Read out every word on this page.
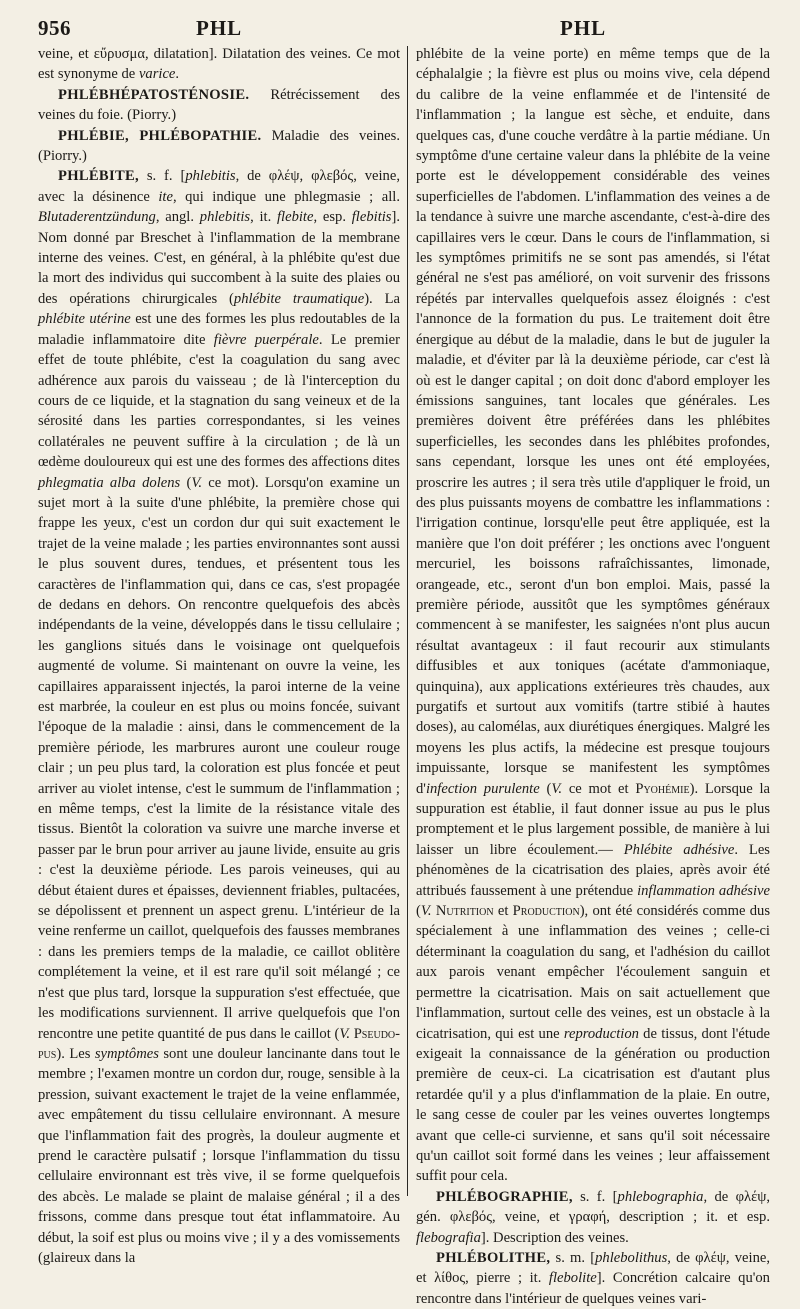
956	PHL	PHL

veine, et εὔρυσμα, dilatation]. Dilatation des veines. Ce mot est synonyme de varice.

PHLÉBHÉPATOSTÉNOSIE. Rétrécissement des veines du foie. (Piorry.)

PHLÉBIE, PHLÉBOPATHIE. Maladie des veines. (Piorry.)

PHLÉBITE, s. f. [phlebitis, de φλέψ, φλεβός, veine, avec la désinence ite, qui indique une phlegmasie ; all. Blutaderentzündung, angl. phlebitis, it. flebite, esp. flebitis]. Nom donné par Breschet à l'inflammation de la membrane interne des veines. C'est, en général, à la phlébite qu'est due la mort des individus qui succombent à la suite des plaies ou des opérations chirurgicales (phlébite traumatique). La phlébite utérine est une des formes les plus redoutables de la maladie inflammatoire dite fièvre puerpérale. Le premier effet de toute phlébite, c'est la coagulation du sang avec adhérence aux parois du vaisseau ; de là l'interception du cours de ce liquide, et la stagnation du sang veineux et de la sérosité dans les parties correspondantes, si les veines collatérales ne peuvent suffire à la circulation ; de là un œdème douloureux qui est une des formes des affections dites phlegmatia alba dolens (V. ce mot). Lorsqu'on examine un sujet mort à la suite d'une phlébite, la première chose qui frappe les yeux, c'est un cordon dur qui suit exactement le trajet de la veine malade ; les parties environnantes sont aussi le plus souvent dures, tendues, et présentent tous les caractères de l'inflammation qui, dans ce cas, s'est propagée de dedans en dehors. On rencontre quelquefois des abcès indépendants de la veine, développés dans le tissu cellulaire ; les ganglions situés dans le voisinage ont quelquefois augmenté de volume. Si maintenant on ouvre la veine, les capillaires apparaissent injectés, la paroi interne de la veine est marbrée, la couleur en est plus ou moins foncée, suivant l'époque de la maladie : ainsi, dans le commencement de la première période, les marbrures auront une couleur rouge clair ; un peu plus tard, la coloration est plus foncée et peut arriver au violet intense, c'est le summum de l'inflammation ; en même temps, c'est la limite de la résistance vitale des tissus. Bientôt la coloration va suivre une marche inverse et passer par le brun pour arriver au jaune livide, ensuite au gris : c'est la deuxième période. Les parois veineuses, qui au début étaient dures et épaisses, deviennent friables, pultacées, se dépolissent et prennent un aspect grenu. L'intérieur de la veine renferme un caillot, quelquefois des fausses membranes : dans les premiers temps de la maladie, ce caillot oblitère complétement la veine, et il est rare qu'il soit mélangé ; ce n'est que plus tard, lorsque la suppuration s'est effectuée, que les modifications surviennent. Il arrive quelquefois que l'on rencontre une petite quantité de pus dans le caillot (V. Pseudo-pus). Les symptômes sont une douleur lancinante dans tout le membre ; l'examen montre un cordon dur, rouge, sensible à la pression, suivant exactement le trajet de la veine enflammée, avec empâtement du tissu cellulaire environnant. A mesure que l'inflammation fait des progrès, la douleur augmente et prend le caractère pulsatif ; lorsque l'inflammation du tissu cellulaire environnant est très vive, il se forme quelquefois des abcès. Le malade se plaint de malaise général ; il a des frissons, comme dans presque tout état inflammatoire. Au début, la soif est plus ou moins vive ; il y a des vomissements (glaireux dans la

phlébite de la veine porte) en même temps que de la céphalalgie ; la fièvre est plus ou moins vive, cela dépend du calibre de la veine enflammée et de l'intensité de l'inflammation ; la langue est sèche, et enduite, dans quelques cas, d'une couche verdâtre à la partie médiane. Un symptôme d'une certaine valeur dans la phlébite de la veine porte est le développement considérable des veines superficielles de l'abdomen. L'inflammation des veines a de la tendance à suivre une marche ascendante, c'est-à-dire des capillaires vers le cœur. Dans le cours de l'inflammation, si les symptômes primitifs ne se sont pas amendés, si l'état général ne s'est pas amélioré, on voit survenir des frissons répétés par intervalles quelquefois assez éloignés : c'est l'annonce de la formation du pus. Le traitement doit être énergique au début de la maladie, dans le but de juguler la maladie, et d'éviter par là la deuxième période, car c'est là où est le danger capital ; on doit donc d'abord employer les émissions sanguines, tant locales que générales. Les premières doivent être préférées dans les phlébites superficielles, les secondes dans les phlébites profondes, sans cependant, lorsque les unes ont été employées, proscrire les autres ; il sera très utile d'appliquer le froid, un des plus puissants moyens de combattre les inflammations : l'irrigation continue, lorsqu'elle peut être appliquée, est la manière que l'on doit préférer ; les onctions avec l'onguent mercuriel, les boissons rafraîchissantes, limonade, orangeade, etc., seront d'un bon emploi. Mais, passé la première période, aussitôt que les symptômes généraux commencent à se manifester, les saignées n'ont plus aucun résultat avantageux : il faut recourir aux stimulants diffusibles et aux toniques (acétate d'ammoniaque, quinquina), aux applications extérieures très chaudes, aux purgatifs et surtout aux vomitifs (tartre stibié à hautes doses), au calomélas, aux diurétiques énergiques. Malgré les moyens les plus actifs, la médecine est presque toujours impuissante, lorsque se manifestent les symptômes d'infection purulente (V. ce mot et Pyohémie). Lorsque la suppuration est établie, il faut donner issue au pus le plus promptement et le plus largement possible, de manière à lui laisser un libre écoulement.— Phlébite adhésive. Les phénomènes de la cicatrisation des plaies, après avoir été attribués faussement à une prétendue inflammation adhésive (V. Nutrition et Production), ont été considérés comme dus spécialement à une inflammation des veines ; celle-ci déterminant la coagulation du sang, et l'adhésion du caillot aux parois venant empêcher l'écoulement sanguin et permettre la cicatrisation. Mais on sait actuellement que l'inflammation, surtout celle des veines, est un obstacle à la cicatrisation, qui est une reproduction de tissus, dont l'étude exigeait la connaissance de la génération ou production première de ceux-ci. La cicatrisation est d'autant plus retardée qu'il y a plus d'inflammation de la plaie. En outre, le sang cesse de couler par les veines ouvertes longtemps avant que celle-ci survienne, et sans qu'il soit nécessaire qu'un caillot soit formé dans les veines ; leur affaissement suffit pour cela.

PHLÉBOGRAPHIE, s. f. [phlebographia, de φλέψ, gén. φλεβός, veine, et γραφή, description ; it. et esp. flebografia]. Description des veines.

PHLÉBOLITHE, s. m. [phlebolithus, de φλέψ, veine, et λίθος, pierre ; it. flebolite]. Concrétion calcaire qu'on rencontre dans l'intérieur de quelques veines vari-
